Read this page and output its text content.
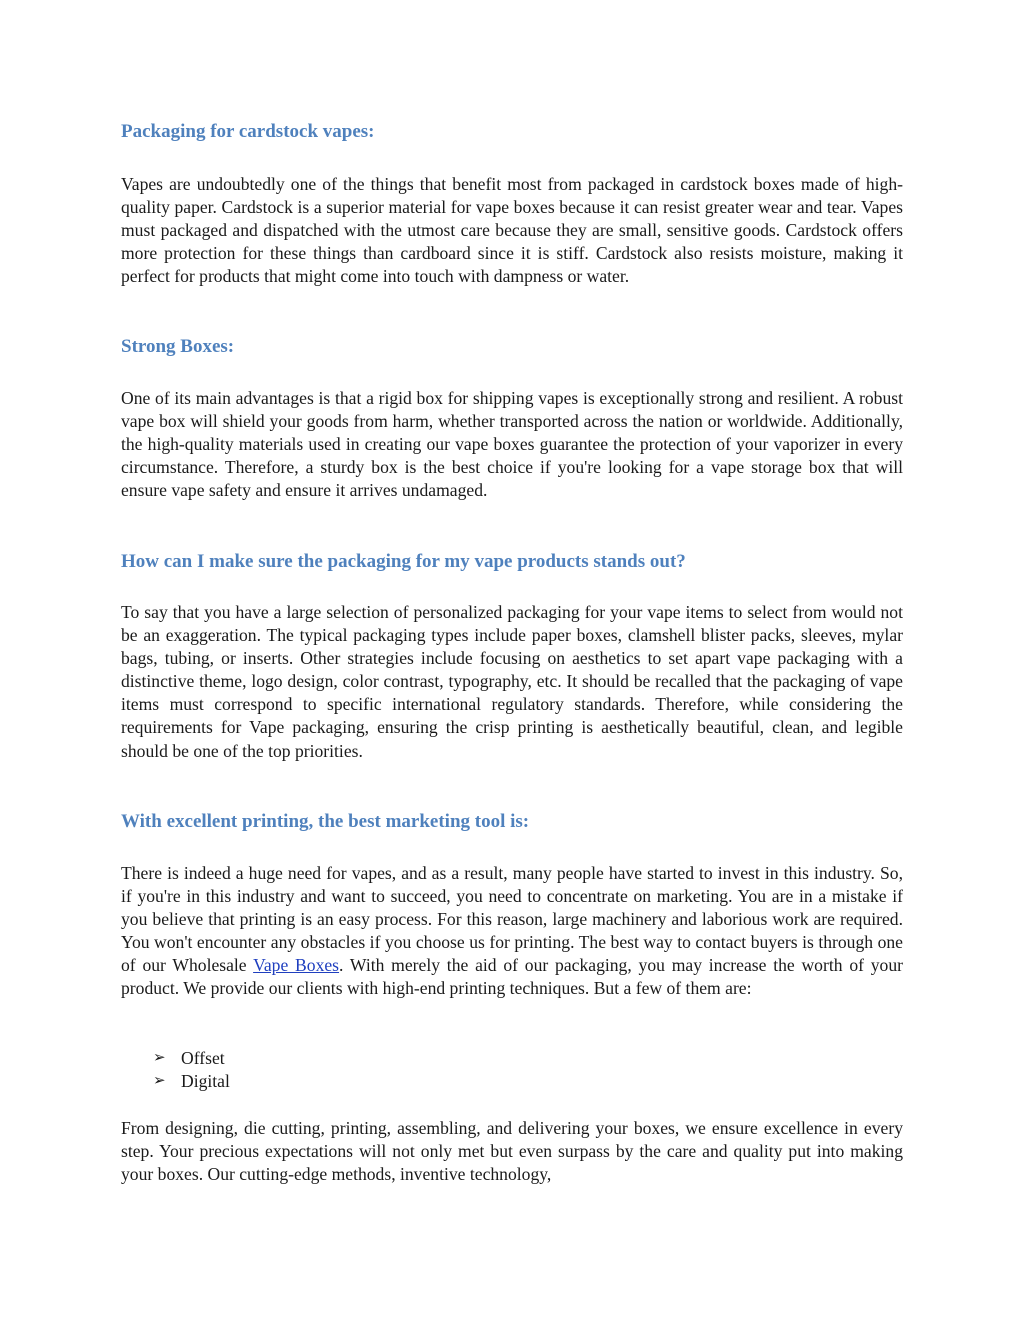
Packaging for cardstock vapes:

Vapes are undoubtedly one of the things that benefit most from packaged in cardstock boxes made of high-quality paper. Cardstock is a superior material for vape boxes because it can resist greater wear and tear. Vapes must packaged and dispatched with the utmost care because they are small, sensitive goods. Cardstock offers more protection for these things than cardboard since it is stiff. Cardstock also resists moisture, making it perfect for products that might come into touch with dampness or water.

Strong Boxes:

One of its main advantages is that a rigid box for shipping vapes is exceptionally strong and resilient. A robust vape box will shield your goods from harm, whether transported across the nation or worldwide. Additionally, the high-quality materials used in creating our vape boxes guarantee the protection of your vaporizer in every circumstance. Therefore, a sturdy box is the best choice if you're looking for a vape storage box that will ensure vape safety and ensure it arrives undamaged.

How can I make sure the packaging for my vape products stands out?

To say that you have a large selection of personalized packaging for your vape items to select from would not be an exaggeration. The typical packaging types include paper boxes, clamshell blister packs, sleeves, mylar bags, tubing, or inserts. Other strategies include focusing on aesthetics to set apart vape packaging with a distinctive theme, logo design, color contrast, typography, etc. It should be recalled that the packaging of vape items must correspond to specific international regulatory standards. Therefore, while considering the requirements for Vape packaging, ensuring the crisp printing is aesthetically beautiful, clean, and legible should be one of the top priorities.

With excellent printing, the best marketing tool is:

There is indeed a huge need for vapes, and as a result, many people have started to invest in this industry. So, if you're in this industry and want to succeed, you need to concentrate on marketing. You are in a mistake if you believe that printing is an easy process. For this reason, large machinery and laborious work are required. You won't encounter any obstacles if you choose us for printing. The best way to contact buyers is through one of our Wholesale Vape Boxes. With merely the aid of our packaging, you may increase the worth of your product. We provide our clients with high-end printing techniques. But a few of them are:

➢ Offset
➢ Digital

From designing, die cutting, printing, assembling, and delivering your boxes, we ensure excellence in every step. Your precious expectations will not only met but even surpass by the care and quality put into making your boxes. Our cutting-edge methods, inventive technology,
